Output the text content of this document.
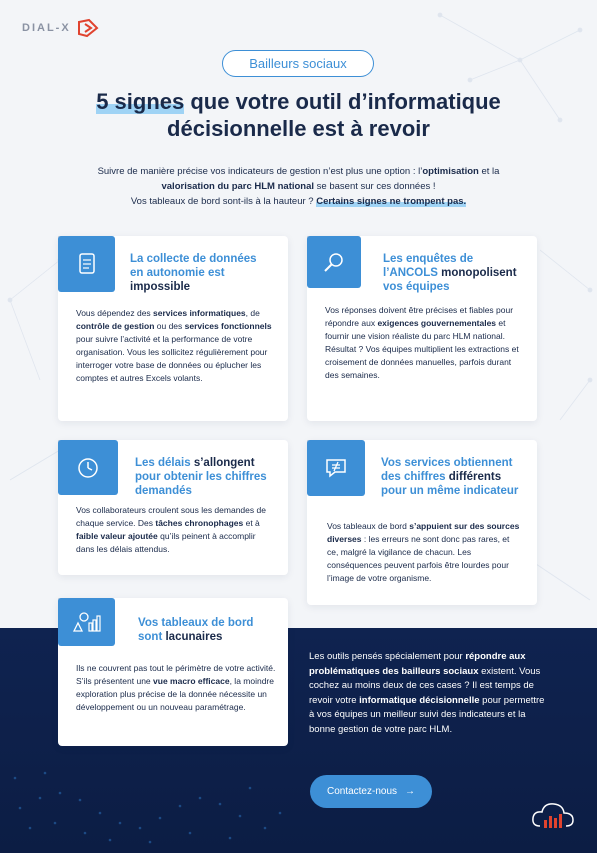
DIAL-X
Bailleurs sociaux
5 signes que votre outil d’informatique
décisionnelle est à revoir
Suivre de manière précise vos indicateurs de gestion n’est plus une option : l’optimisation et la
valorisation du parc HLM national se basent sur ces données !
Vos tableaux de bord sont-ils à la hauteur ? Certains signes ne trompent pas.
La collecte de données en autonomie est impossible
Vous dépendez des services informatiques, de contrôle de gestion ou des services fonctionnels pour suivre l’activité et la performance de votre organisation. Vous les sollicitez régulièrement pour interroger votre base de données ou éplucher les comptes et autres Excels volants.
Les enquêtes de l’ANCOLS monopolisent vos équipes
Vos réponses doivent être précises et fiables pour répondre aux exigences gouvernementales et fournir une vision réaliste du parc HLM national. Résultat ? Vos équipes multiplient les extractions et croisement de données manuelles, parfois durant des semaines.
Les délais s’allongent pour obtenir les chiffres demandés
Vos collaborateurs croulent sous les demandes de chaque service. Des tâches chronophages et à faible valeur ajoutée qu’ils peinent à accomplir dans les délais attendus.
Vos services obtiennent des chiffres différents pour un même indicateur
Vos tableaux de bord s’appuient sur des sources diverses : les erreurs ne sont donc pas rares, et ce, malgré la vigilance de chacun. Les conséquences peuvent parfois être lourdes pour l’image de votre organisme.
Vos tableaux de bord sont lacunaires
Ils ne couvrent pas tout le périmètre de votre activité. S’ils présentent une vue macro efficace, la moindre exploration plus précise de la donnée nécessite un développement ou un nouveau paramétrage.
Les outils pensés spécialement pour répondre aux problématiques des bailleurs sociaux existent. Vous cochez au moins deux de ces cases ? Il est temps de revoir votre informatique décisionnelle pour permettre à vos équipes un meilleur suivi des indicateurs et la bonne gestion de votre parc HLM.
Contactez-nous →
